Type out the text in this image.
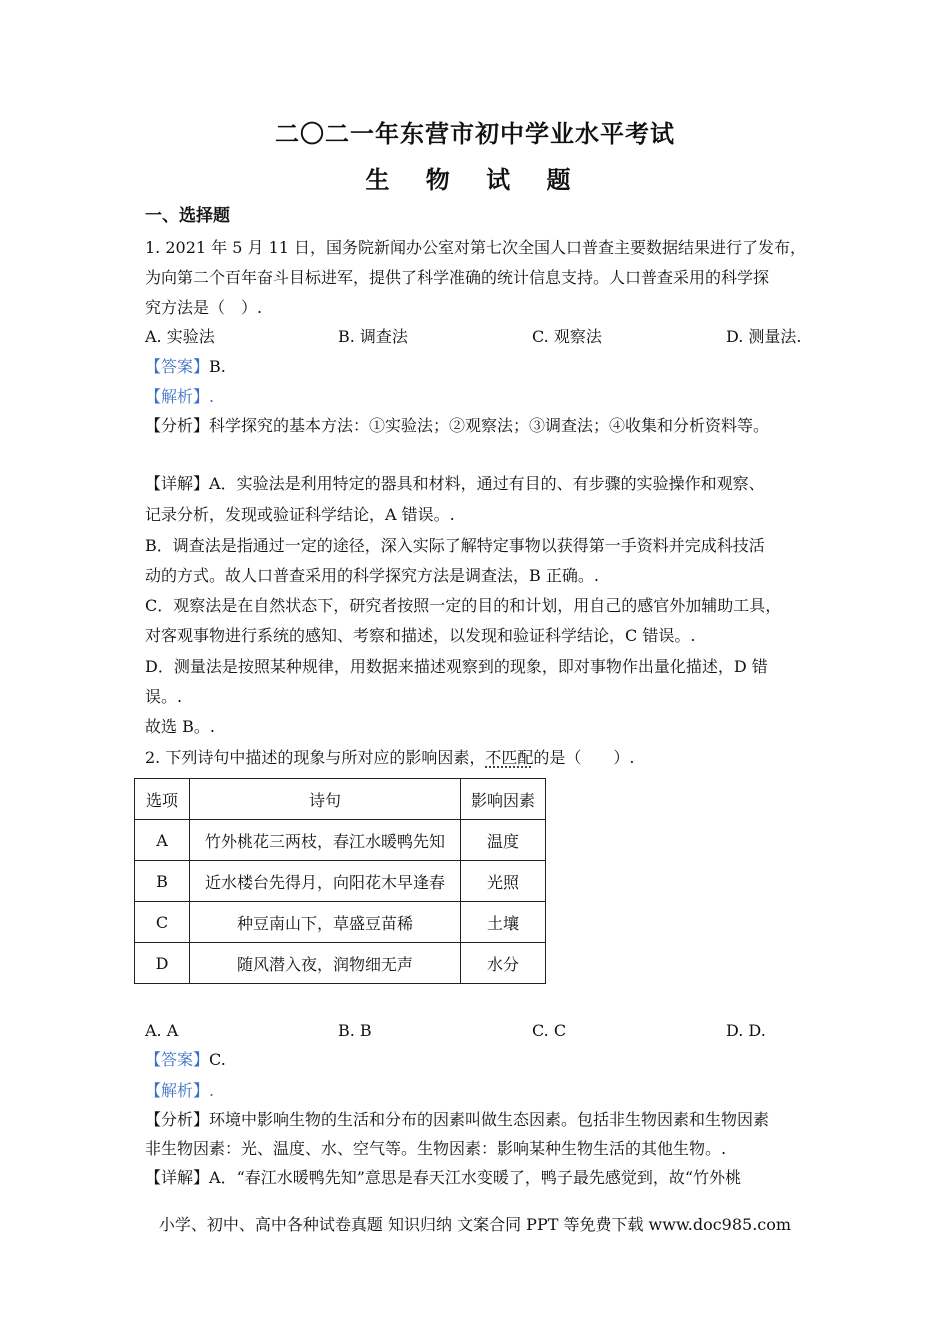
二〇二一年东营市初中学业水平考试
生 物 试 题
一、选择题
1. 2021 年 5 月 11 日，国务院新闻办公室对第七次全国人口普查主要数据结果进行了发布，
为向第二个百年奋斗目标进军，提供了科学准确的统计信息支持。人口普查采用的科学探
究方法是（　）.
A. 实验法	B. 调查法	C. 观察法	D. 测量法.
【答案】B.
【解析】.
【分析】科学探究的基本方法：①实验法；②观察法；③调查法；④收集和分析资料等。
【详解】A．实验法是利用特定的器具和材料，通过有目的、有步骤的实验操作和观察、
记录分析，发现或验证科学结论，A 错误。.
B．调查法是指通过一定的途径，深入实际了解特定事物以获得第一手资料并完成科技活
动的方式。故人口普查采用的科学探究方法是调查法，B 正确。.
C．观察法是在自然状态下，研究者按照一定的目的和计划，用自己的感官外加辅助工具，
对客观事物进行系统的感知、考察和描述，以发现和验证科学结论，C 错误。.
D．测量法是按照某种规律，用数据来描述观察到的现象，即对事物作出量化描述，D 错
误。.
故选 B。.
2. 下列诗句中描述的现象与所对应的影响因素，不匹配的是（　　）.
选项	诗句	影响因素
A	竹外桃花三两枝，春江水暖鸭先知	温度
B	近水楼台先得月，向阳花木早逢春	光照
C	种豆南山下，草盛豆苗稀	土壤
D	随风潜入夜，润物细无声	水分
A. A	B. B	C. C	D. D.
【答案】C.
【解析】.
【分析】环境中影响生物的生活和分布的因素叫做生态因素。包括非生物因素和生物因素
非生物因素：光、温度、水、空气等。生物因素：影响某种生物生活的其他生物。.
【详解】A．“春江水暖鸭先知”意思是春天江水变暖了，鸭子最先感觉到，故“竹外桃
小学、初中、高中各种试卷真题 知识归纳 文案合同 PPT 等免费下载 www.doc985.com
